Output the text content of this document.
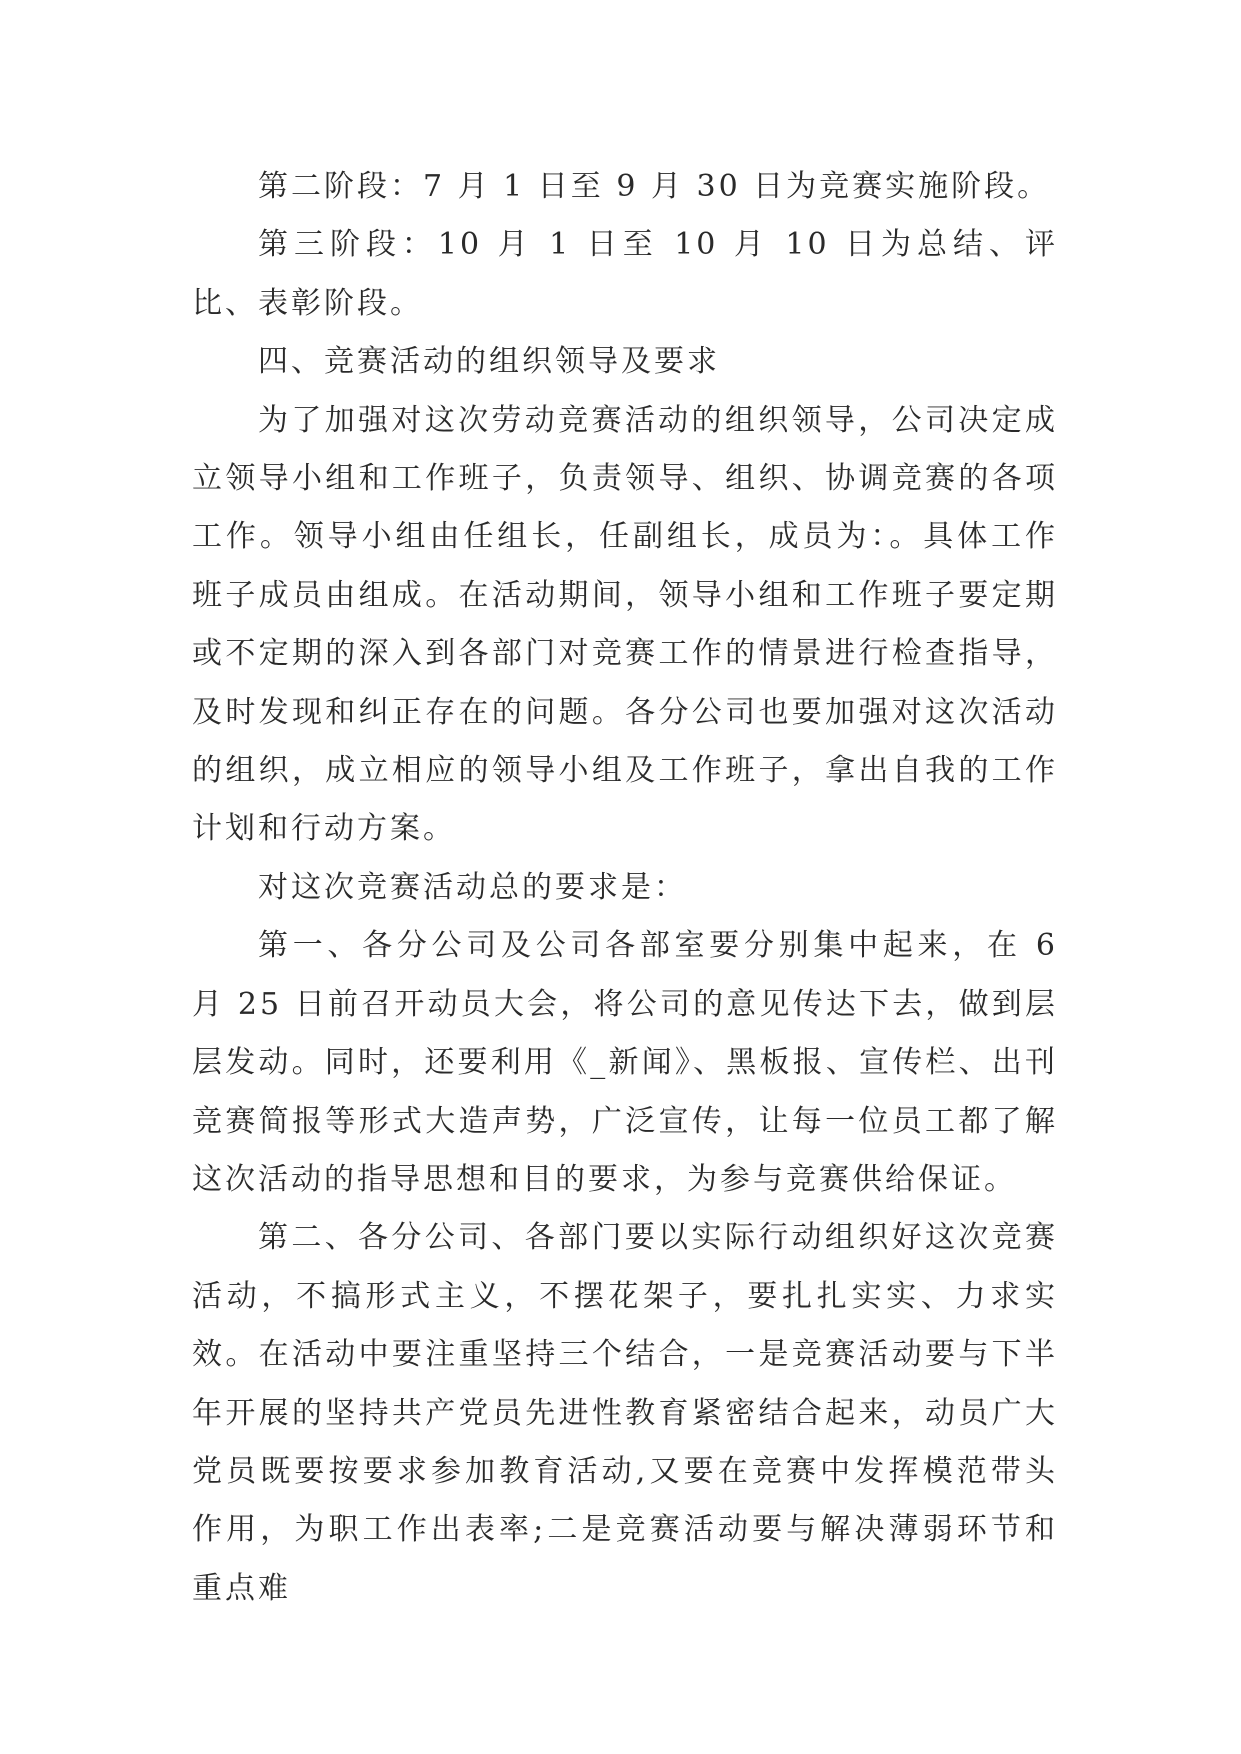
第二阶段：7 月 1 日至 9 月 30 日为竞赛实施阶段。

第三阶段：10 月 1 日至 10 月 10 日为总结、评比、表彰阶段。

四、竞赛活动的组织领导及要求

为了加强对这次劳动竞赛活动的组织领导，公司决定成立领导小组和工作班子，负责领导、组织、协调竞赛的各项工作。领导小组由任组长，任副组长，成员为：。具体工作班子成员由组成。在活动期间，领导小组和工作班子要定期或不定期的深入到各部门对竞赛工作的情景进行检查指导，及时发现和纠正存在的问题。各分公司也要加强对这次活动的组织，成立相应的领导小组及工作班子，拿出自我的工作计划和行动方案。

对这次竞赛活动总的要求是：

第一、各分公司及公司各部室要分别集中起来，在 6 月 25 日前召开动员大会，将公司的意见传达下去，做到层层发动。同时，还要利用《_新闻》、黑板报、宣传栏、出刊竞赛简报等形式大造声势，广泛宣传，让每一位员工都了解这次活动的指导思想和目的要求，为参与竞赛供给保证。

第二、各分公司、各部门要以实际行动组织好这次竞赛活动，不搞形式主义，不摆花架子，要扎扎实实、力求实效。在活动中要注重坚持三个结合，一是竞赛活动要与下半年开展的坚持共产党员先进性教育紧密结合起来，动员广大党员既要按要求参加教育活动,又要在竞赛中发挥模范带头作用，为职工作出表率;二是竞赛活动要与解决薄弱环节和重点难
